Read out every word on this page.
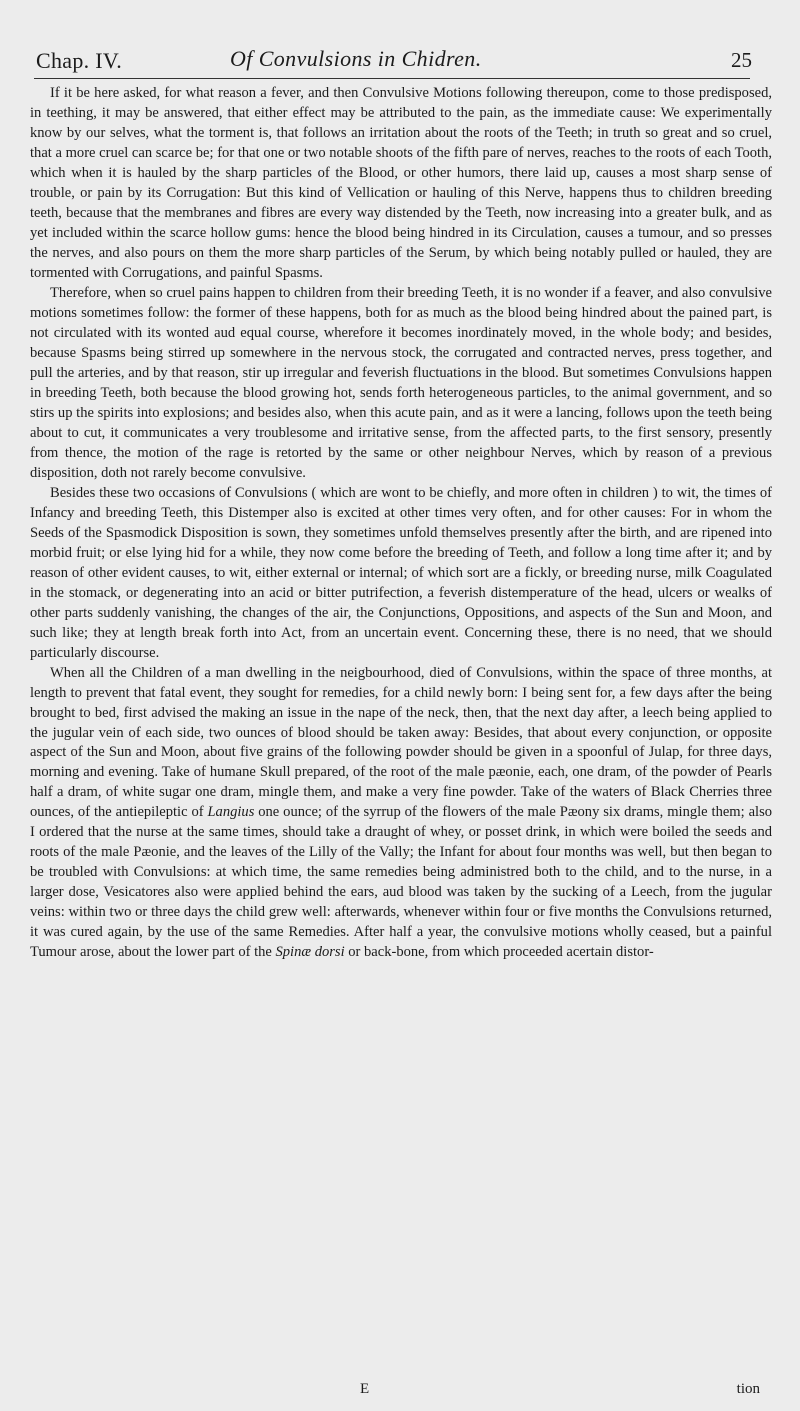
Chap. IV.	Of Convulsions in Chidren.	25

If it be here asked, for what reason a fever, and then Convulsive Motions following thereupon, come to those predisposed, in teething, it may be answered, that either effect may be attributed to the pain, as the immediate cause: We experimentally know by our selves, what the torment is, that follows an irritation about the roots of the Teeth; in truth so great and so cruel, that a more cruel can scarce be; for that one or two notable shoots of the fifth pare of nerves, reaches to the roots of each Tooth, which when it is hauled by the sharp particles of the Blood, or other humors, there laid up, causes a most sharp sense of trouble, or pain by its Corrugation: But this kind of Vellication or hauling of this Nerve, happens thus to children breeding teeth, because that the membranes and fibres are every way distended by the Teeth, now increasing into a greater bulk, and as yet included within the scarce hollow gums: hence the blood being hindred in its Circulation, causes a tumour, and so presses the nerves, and also pours on them the more sharp particles of the Serum, by which being notably pulled or hauled, they are tormented with Corrugations, and painful Spasms.

Therefore, when so cruel pains happen to children from their breeding Teeth, it is no wonder if a feaver, and also convulsive motions sometimes follow: the former of these happens, both for as much as the blood being hindred about the pained part, is not circulated with its wonted aud equal course, wherefore it becomes inordinately moved, in the whole body; and besides, because Spasms being stirred up somewhere in the nervous stock, the corrugated and contracted nerves, press together, and pull the arteries, and by that reason, stir up irregular and feverish fluctuations in the blood. But sometimes Convulsions happen in breeding Teeth, both because the blood growing hot, sends forth heterogeneous particles, to the animal government, and so stirs up the spirits into explosions; and besides also, when this acute pain, and as it were a lancing, follows upon the teeth being about to cut, it communicates a very troublesome and irritative sense, from the affected parts, to the first sensory, presently from thence, the motion of the rage is retorted by the same or other neighbour Nerves, which by reason of a previous disposition, doth not rarely become convulsive.

Besides these two occasions of Convulsions ( which are wont to be chiefly, and more often in children ) to wit, the times of Infancy and breeding Teeth, this Distemper also is excited at other times very often, and for other causes: For in whom the Seeds of the Spasmodick Disposition is sown, they sometimes unfold themselves presently after the birth, and are ripened into morbid fruit; or else lying hid for a while, they now come before the breeding of Teeth, and follow a long time after it; and by reason of other evident causes, to wit, either external or internal; of which sort are a fickly, or breeding nurse, milk Coagulated in the stomack, or degenerating into an acid or bitter putrifection, a feverish distemperature of the head, ulcers or wealks of other parts suddenly vanishing, the changes of the air, the Conjunctions, Oppositions, and aspects of the Sun and Moon, and such like; they at length break forth into Act, from an uncertain event. Concerning these, there is no need, that we should particularly discourse.

When all the Children of a man dwelling in the neigbourhood, died of Convulsions, within the space of three months, at length to prevent that fatal event, they sought for remedies, for a child newly born: I being sent for, a few days after the being brought to bed, first advised the making an issue in the nape of the neck, then, that the next day after, a leech being applied to the jugular vein of each side, two ounces of blood should be taken away: Besides, that about every conjunction, or opposite aspect of the Sun and Moon, about five grains of the following powder should be given in a spoonful of Julap, for three days, morning and evening. Take of humane Skull prepared, of the root of the male pæonie, each, one dram, of the powder of Pearls half a dram, of white sugar one dram, mingle them, and make a very fine powder. Take of the waters of Black Cherries three ounces, of the antiepileptic of Langius one ounce; of the syrrup of the flowers of the male Pæony six drams, mingle them; also I ordered that the nurse at the same times, should take a draught of whey, or posset drink, in which were boiled the seeds and roots of the male Pæonie, and the leaves of the Lilly of the Vally; the Infant for about four months was well, but then began to be troubled with Convulsions: at which time, the same remedies being administred both to the child, and to the nurse, in a larger dose, Vesicatores also were applied behind the ears, aud blood was taken by the sucking of a Leech, from the jugular veins: within two or three days the child grew well: afterwards, whenever within four or five months the Convulsions returned, it was cured again, by the use of the same Remedies. After half a year, the convulsive motions wholly ceased, but a painful Tumour arose, about the lower part of the Spinæ dorsi or back-bone, from which proceeded acertain distor-

E	tion
